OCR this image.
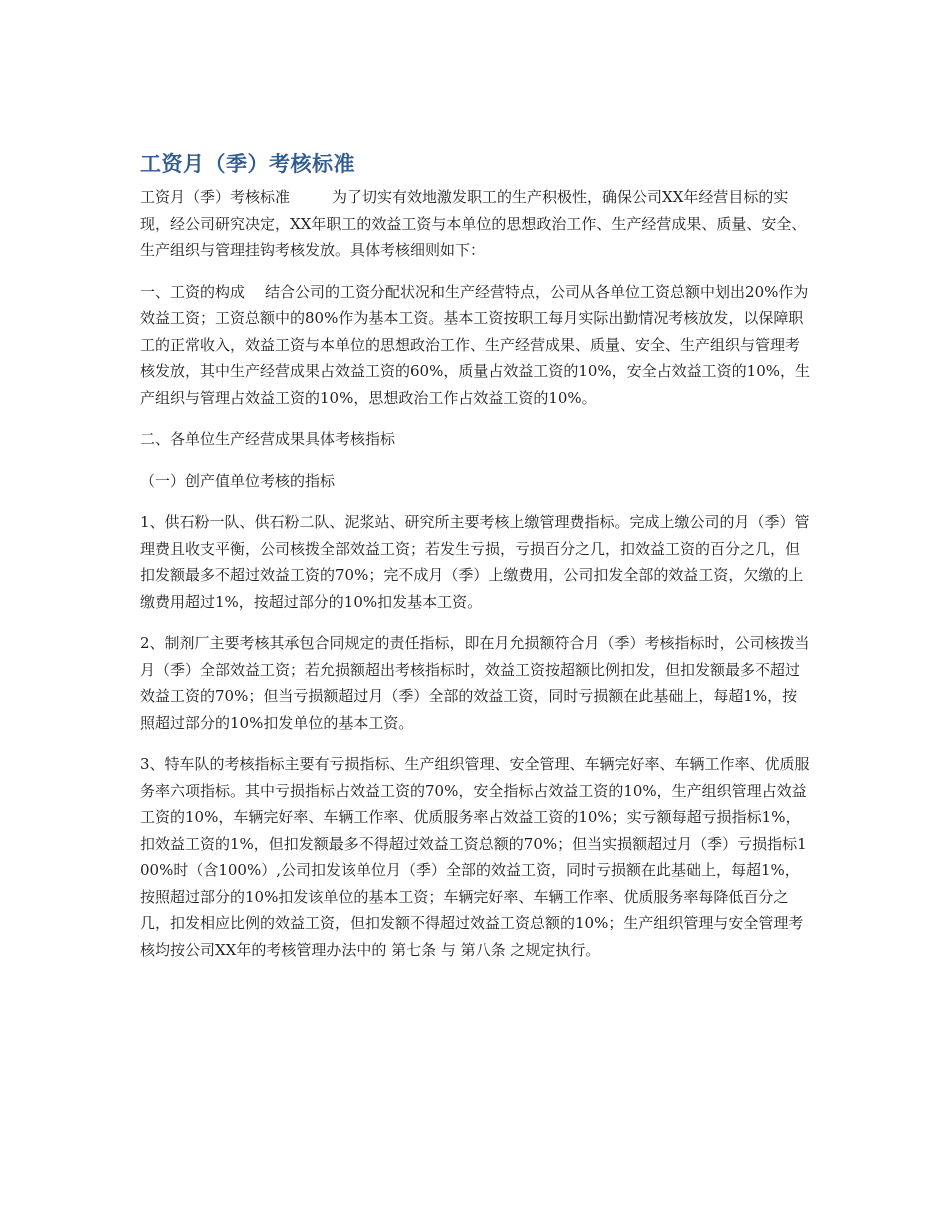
工资月（季）考核标准

工资月（季）考核标准	为了切实有效地激发职工的生产积极性，确保公司XX年经营目标的实现，经公司研究决定，XX年职工的效益工资与本单位的思想政治工作、生产经营成果、质量、安全、生产组织与管理挂钩考核发放。具体考核细则如下：

一、工资的构成 结合公司的工资分配状况和生产经营特点，公司从各单位工资总额中划出20%作为效益工资；工资总额中的80%作为基本工资。基本工资按职工每月实际出勤情况考核放发，以保障职工的正常收入，效益工资与本单位的思想政治工作、生产经营成果、质量、安全、生产组织与管理考核发放，其中生产经营成果占效益工资的60%，质量占效益工资的10%，安全占效益工资的10%，生产组织与管理占效益工资的10%，思想政治工作占效益工资的10%。

二、各单位生产经营成果具体考核指标

（一）创产值单位考核的指标

1、供石粉一队、供石粉二队、泥浆站、研究所主要考核上缴管理费指标。完成上缴公司的月（季）管理费且收支平衡，公司核拨全部效益工资；若发生亏损，亏损百分之几，扣效益工资的百分之几，但扣发额最多不超过效益工资的70%；完不成月（季）上缴费用，公司扣发全部的效益工资，欠缴的上缴费用超过1%，按超过部分的10%扣发基本工资。

2、制剂厂主要考核其承包合同规定的责任指标，即在月允损额符合月（季）考核指标时，公司核拨当月（季）全部效益工资；若允损额超出考核指标时，效益工资按超额比例扣发，但扣发额最多不超过效益工资的70%；但当亏损额超过月（季）全部的效益工资，同时亏损额在此基础上，每超1%，按照超过部分的10%扣发单位的基本工资。

3、特车队的考核指标主要有亏损指标、生产组织管理、安全管理、车辆完好率、车辆工作率、优质服务率六项指标。其中亏损指标占效益工资的70%，安全指标占效益工资的10%，生产组织管理占效益工资的10%，车辆完好率、车辆工作率、优质服务率占效益工资的10%；实亏额每超亏损指标1%，扣效益工资的1%，但扣发额最多不得超过效益工资总额的70%；但当实损额超过月（季）亏损指标100%时（含100%）,公司扣发该单位月（季）全部的效益工资，同时亏损额在此基础上，每超1%，按照超过部分的10%扣发该单位的基本工资；车辆完好率、车辆工作率、优质服务率每降低百分之几，扣发相应比例的效益工资，但扣发额不得超过效益工资总额的10%；生产组织管理与安全管理考核均按公司XX年的考核管理办法中的 第七条 与 第八条 之规定执行。
